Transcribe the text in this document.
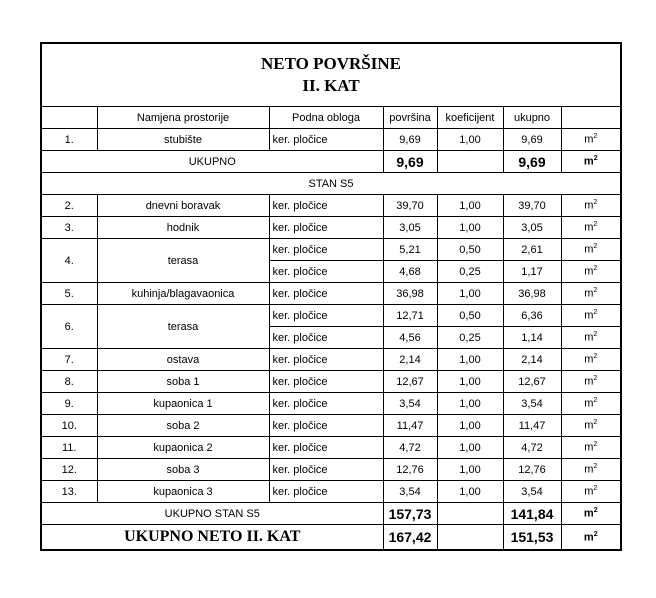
NETO POVRŠINE
II. KAT						

	Namjena prostorije	Podna obloga	površina	koeficijent	ukupno	
1.	stubište	ker. pločice	9,69	1,00	9,69	$m^2$
UKUPNO			9,69		9,69	$m^2$
STAN S5						
2.	dnevni boravak	ker. pločice	39,70	1,00	39,70	$m^2$
3.	hodnik	ker. pločice	3,05	1,00	3,05	$m^2$
4.	terasa	ker. pločice	5,21	0,50	2,61	$m^2$
		ker. pločice	4,68	0,25	1,17	$m^2$
5.	kuhinja/blagavaonica	ker. pločice	36,98	1,00	36,98	$m^2$
6.	terasa	ker. pločice	12,71	0,50	6,36	$m^2$
		ker. pločice	4,56	0,25	1,14	$m^2$
7.	ostava	ker. pločice	2,14	1,00	2,14	$m^2$
8.	soba 1	ker. pločice	12,67	1,00	12,67	$m^2$
9.	kupaonica 1	ker. pločice	3,54	1,00	3,54	$m^2$
10.	soba 2	ker. pločice	11,47	1,00	11,47	$m^2$
11.	kupaonica 2	ker. pločice	4,72	1,00	4,72	$m^2$
12.	soba 3	ker. pločice	12,76	1,00	12,76	$m^2$
13.	kupaonica 3	ker. pločice	3,54	1,00	3,54	$m^2$
UKUPNO STAN S5			157,73		141,84	$m^2$
UKUPNO NETO II. KAT			167,42		151,53	$m^2$
